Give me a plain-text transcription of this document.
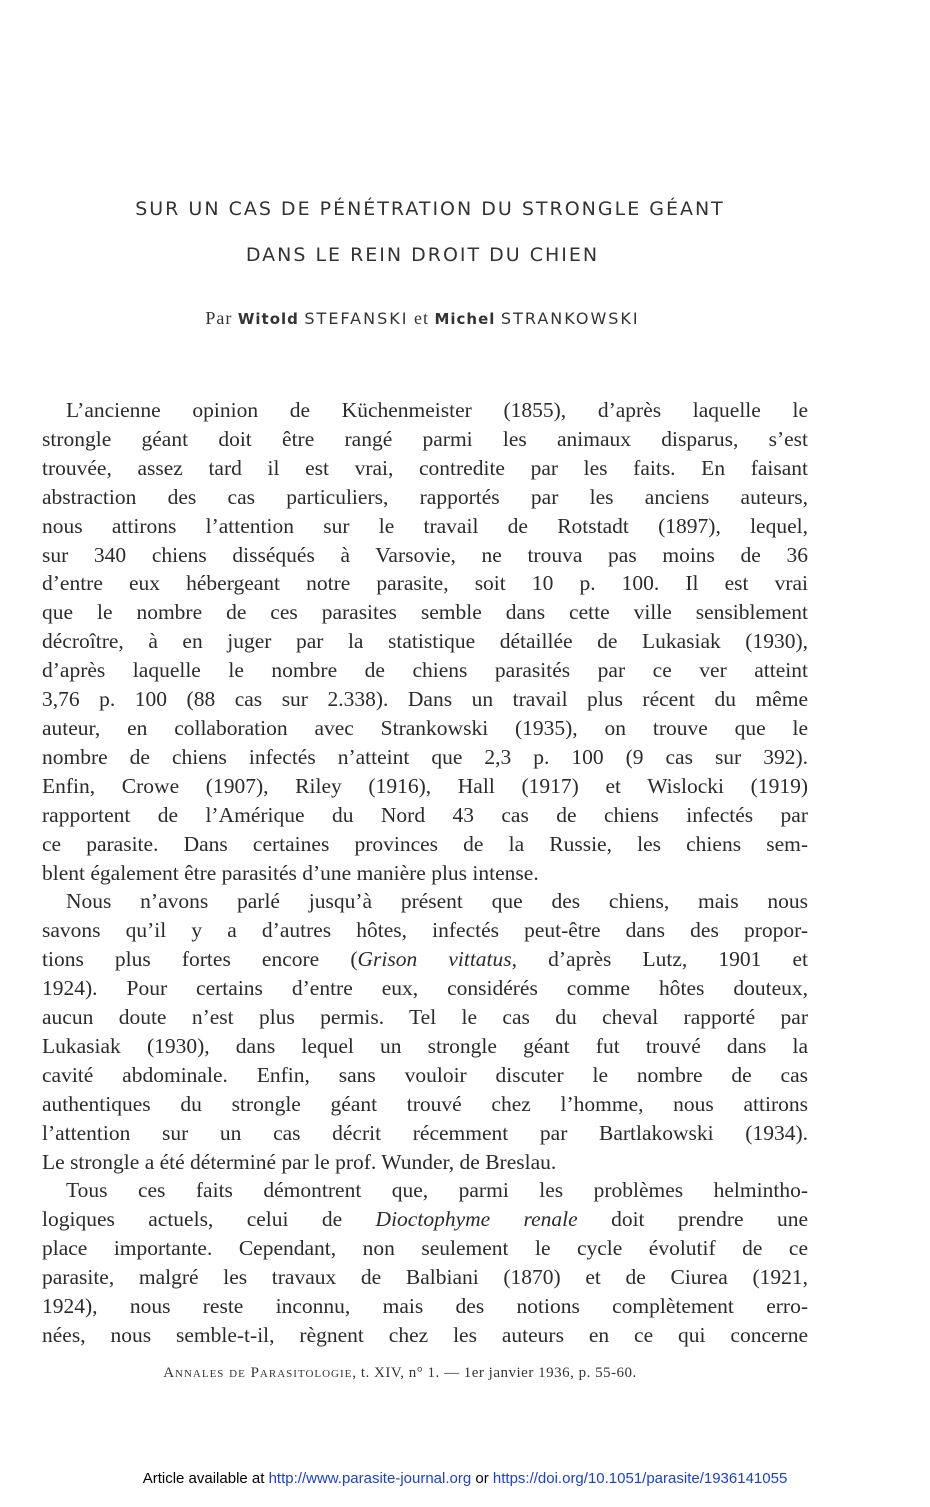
SUR UN CAS DE PÉNÉTRATION DU STRONGLE GÉANT
DANS LE REIN DROIT DU CHIEN
Par Witold STEFANSKI et Michel STRANKOWSKI
L’ancienne opinion de Küchenmeister (1855), d’après laquelle le
strongle géant doit être rangé parmi les animaux disparus, s’est
trouvée, assez tard il est vrai, contredite par les faits. En faisant
abstraction des cas particuliers, rapportés par les anciens auteurs,
nous attirons l’attention sur le travail de Rotstadt (1897), lequel,
sur 340 chiens disséqués à Varsovie, ne trouva pas moins de 36
d’entre eux hébergeant notre parasite, soit 10 p. 100. Il est vrai
que le nombre de ces parasites semble dans cette ville sensiblement
décroître, à en juger par la statistique détaillée de Lukasiak (1930),
d’après laquelle le nombre de chiens parasités par ce ver atteint
3,76 p. 100 (88 cas sur 2.338). Dans un travail plus récent du même
auteur, en collaboration avec Strankowski (1935), on trouve que le
nombre de chiens infectés n’atteint que 2,3 p. 100 (9 cas sur 392).
Enfin, Crowe (1907), Riley (1916), Hall (1917) et Wislocki (1919)
rapportent de l’Amérique du Nord 43 cas de chiens infectés par
ce parasite. Dans certaines provinces de la Russie, les chiens sem-
blent également être parasités d’une manière plus intense.
Nous n’avons parlé jusqu’à présent que des chiens, mais nous
savons qu’il y a d’autres hôtes, infectés peut-être dans des propor-
tions plus fortes encore (Grison vittatus, d’après Lutz, 1901 et
1924). Pour certains d’entre eux, considérés comme hôtes douteux,
aucun doute n’est plus permis. Tel le cas du cheval rapporté par
Lukasiak (1930), dans lequel un strongle géant fut trouvé dans la
cavité abdominale. Enfin, sans vouloir discuter le nombre de cas
authentiques du strongle géant trouvé chez l’homme, nous attirons
l’attention sur un cas décrit récemment par Bartlakowski (1934).
Le strongle a été déterminé par le prof. Wunder, de Breslau.
Tous ces faits démontrent que, parmi les problèmes helmintho-
logiques actuels, celui de Dioctophyme renale doit prendre une
place importante. Cependant, non seulement le cycle évolutif de ce
parasite, malgré les travaux de Balbiani (1870) et de Ciurea (1921,
1924), nous reste inconnu, mais des notions complètement erro-
nées, nous semble-t-il, règnent chez les auteurs en ce qui concerne
Annales de Parasitologie, t. XIV, n° 1. — 1er janvier 1936, p. 55-60.
Article available at http://www.parasite-journal.org or https://doi.org/10.1051/parasite/1936141055
